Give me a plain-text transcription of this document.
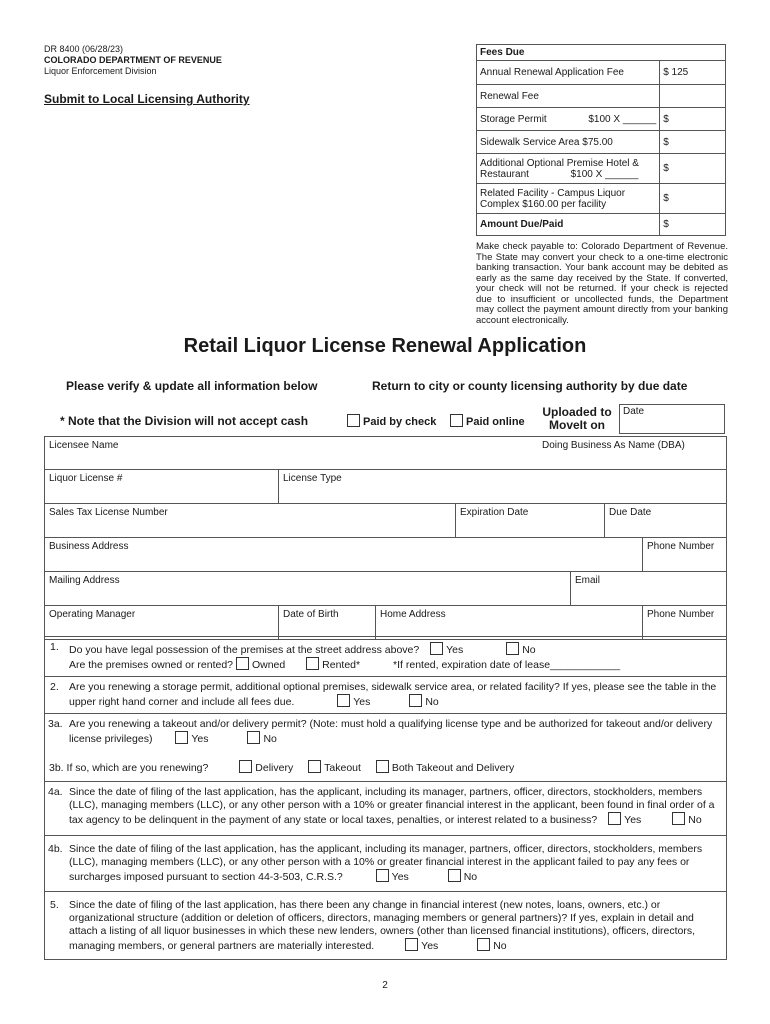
DR 8400 (06/28/23)
COLORADO DEPARTMENT OF REVENUE
Liquor Enforcement Division
Submit to Local Licensing Authority
Fees Due	
Annual Renewal Application Fee	$ 125
Renewal Fee	
Storage Permit               $100 X ______	$
Sidewalk Service Area $75.00	$
Additional Optional Premise Hotel & Restaurant               $100 X ______	$
Related Facility - Campus Liquor Complex $160.00 per facility	$
Amount Due/Paid	$
Make check payable to: Colorado Department of Revenue. The State may convert your check to a one-time electronic banking transaction. Your bank account may be debited as early as the same day received by the State. If converted, your check will not be returned. If your check is rejected due to insufficient or uncollected funds, the Department may collect the payment amount directly from your banking account electronically.
Retail Liquor License Renewal Application
Please verify & update all information below	Return to city or county licensing authority by due date
* Note that the Division will not accept cash	Paid by check	Paid online
Uploaded to MoveIt on
Date
Licensee Name	Doing Business As Name (DBA)
Liquor License #	License Type
Sales Tax License Number	Expiration Date	Due Date
Business Address	Phone Number
Mailing Address	Email
Operating Manager	Date of Birth	Home Address	Phone Number
1. Do you have legal possession of the premises at the street address above?	Yes	No
Are the premises owned or rented? Owned	Rented*	*If rented, expiration date of lease____________
2. Are you renewing a storage permit, additional optional premises, sidewalk service area, or related facility? If yes, please see the table in the upper right hand corner and include all fees due.	Yes	No
3a. Are you renewing a takeout and/or delivery permit? (Note: must hold a qualifying license type and be authorized for takeout and/or delivery license privileges)	Yes	No
3b. If so, which are you renewing?	Delivery	Takeout	Both Takeout and Delivery
4a. Since the date of filing of the last application, has the applicant, including its manager, partners, officer, directors, stockholders, members (LLC), managing members (LLC), or any other person with a 10% or greater financial interest in the applicant, been found in final order of a tax agency to be delinquent in the payment of any state or local taxes, penalties, or interest related to a business?	Yes	No
4b. Since the date of filing of the last application, has the applicant, including its manager, partners, officer, directors, stockholders, members (LLC), managing members (LLC), or any other person with a 10% or greater financial interest in the applicant failed to pay any fees or surcharges imposed pursuant to section 44-3-503, C.R.S.?	Yes	No
5. Since the date of filing of the last application, has there been any change in financial interest (new notes, loans, owners, etc.) or organizational structure (addition or deletion of officers, directors, managing members or general partners)? If yes, explain in detail and attach a listing of all liquor businesses in which these new lenders, owners (other than licensed financial institutions), officers, directors, managing members, or general partners are materially interested.	Yes	No
2
